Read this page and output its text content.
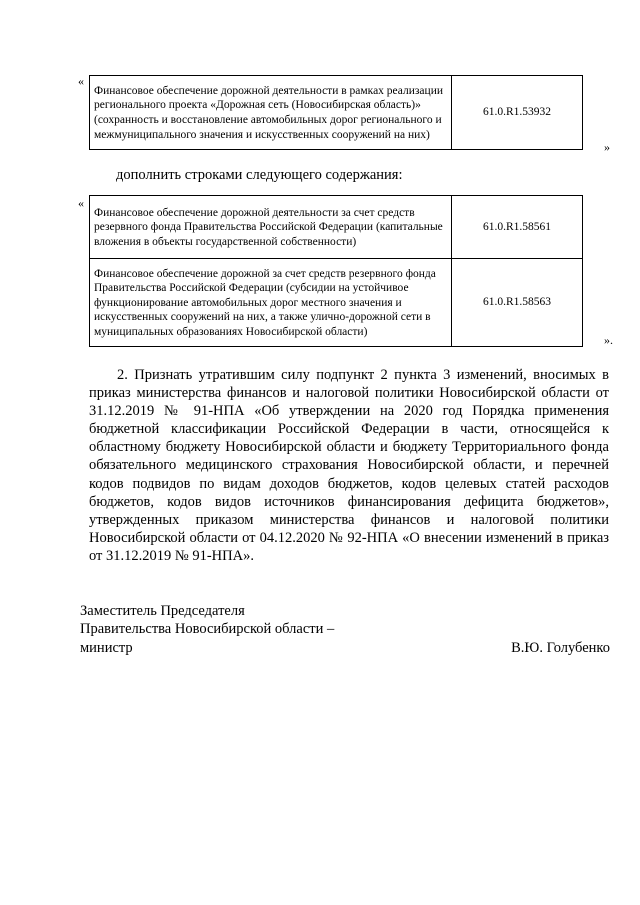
«
Финансовое обеспечение дорожной деятельности в рамках реализации регионального проекта «Дорожная сеть (Новосибирская область)» (сохранность и восстановление автомобильных дорог регионального и межмуниципального значения и искусственных сооружений на них)	61.0.R1.53932
»
дополнить строками следующего содержания:
«
Финансовое обеспечение дорожной деятельности за счет средств резервного фонда Правительства Российской Федерации (капитальные вложения в объекты государственной собственности)	61.0.R1.58561
Финансовое обеспечение дорожной за счет средств резервного фонда Правительства Российской Федерации (субсидии на устойчивое функционирование автомобильных дорог местного значения и искусственных сооружений на них, а также улично-дорожной сети в муниципальных образованиях Новосибирской области)	61.0.R1.58563
».

2. Признать утратившим силу подпункт 2 пункта 3 изменений, вносимых в приказ министерства финансов и налоговой политики Новосибирской области от 31.12.2019 № 91-НПА «Об утверждении на 2020 год Порядка применения бюджетной классификации Российской Федерации в части, относящейся к областному бюджету Новосибирской области и бюджету Территориального фонда обязательного медицинского страхования Новосибирской области, и перечней кодов подвидов по видам доходов бюджетов, кодов целевых статей расходов бюджетов, кодов видов источников финансирования дефицита бюджетов», утвержденных приказом министерства финансов и налоговой политики Новосибирской области от 04.12.2020 № 92-НПА «О внесении изменений в приказ от 31.12.2019 № 91-НПА».

Заместитель Председателя
Правительства Новосибирской области –
министр	В.Ю. Голубенко
